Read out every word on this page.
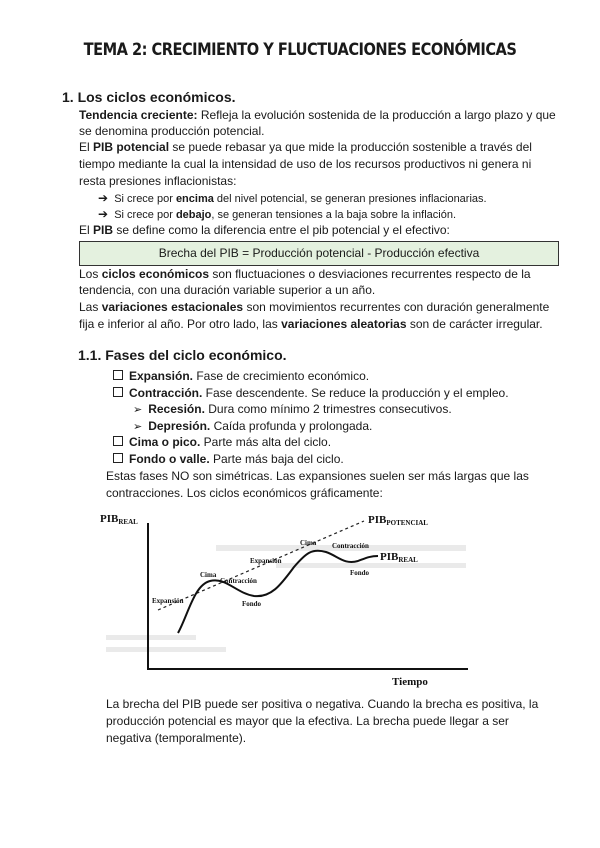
TEMA 2: CRECIMIENTO Y FLUCTUACIONES ECONÓMICAS
1. Los ciclos económicos.
Tendencia creciente: Refleja la evolución sostenida de la producción a largo plazo y que
se denomina producción potencial.
El PIB potencial se puede rebasar ya que mide la producción sostenible a través del
tiempo mediante la cual la intensidad de uso de los recursos productivos ni genera ni
resta presiones inflacionistas:
➔ Si crece por encima del nivel potencial, se generan presiones inflacionarias.
➔ Si crece por debajo, se generan tensiones a la baja sobre la inflación.
El PIB se define como la diferencia entre el pib potencial y el efectivo:
Brecha del PIB = Producción potencial - Producción efectiva
Los ciclos económicos son fluctuaciones o desviaciones recurrentes respecto de la
tendencia, con una duración variable superior a un año.
Las variaciones estacionales son movimientos recurrentes con duración generalmente
fija e inferior al año. Por otro lado, las variaciones aleatorias son de carácter irregular.
1.1. Fases del ciclo económico.
Expansión. Fase de crecimiento económico.
Contracción. Fase descendente. Se reduce la producción y el empleo.
➢ Recesión. Dura como mínimo 2 trimestres consecutivos.
➢ Depresión. Caída profunda y prolongada.
Cima o pico. Parte más alta del ciclo.
Fondo o valle. Parte más baja del ciclo.
Estas fases NO son simétricas. Las expansiones suelen ser más largas que las
contracciones. Los ciclos económicos gráficamente:
PIBREAL
Tiempo
PIBPOTENCIAL
PIBREAL
Expansión
Cima
Contracción
Fondo
Expansión
Cima Contracción
Fondo
La brecha del PIB puede ser positiva o negativa. Cuando la brecha es positiva, la
producción potencial es mayor que la efectiva. La brecha puede llegar a ser
negativa (temporalmente).
